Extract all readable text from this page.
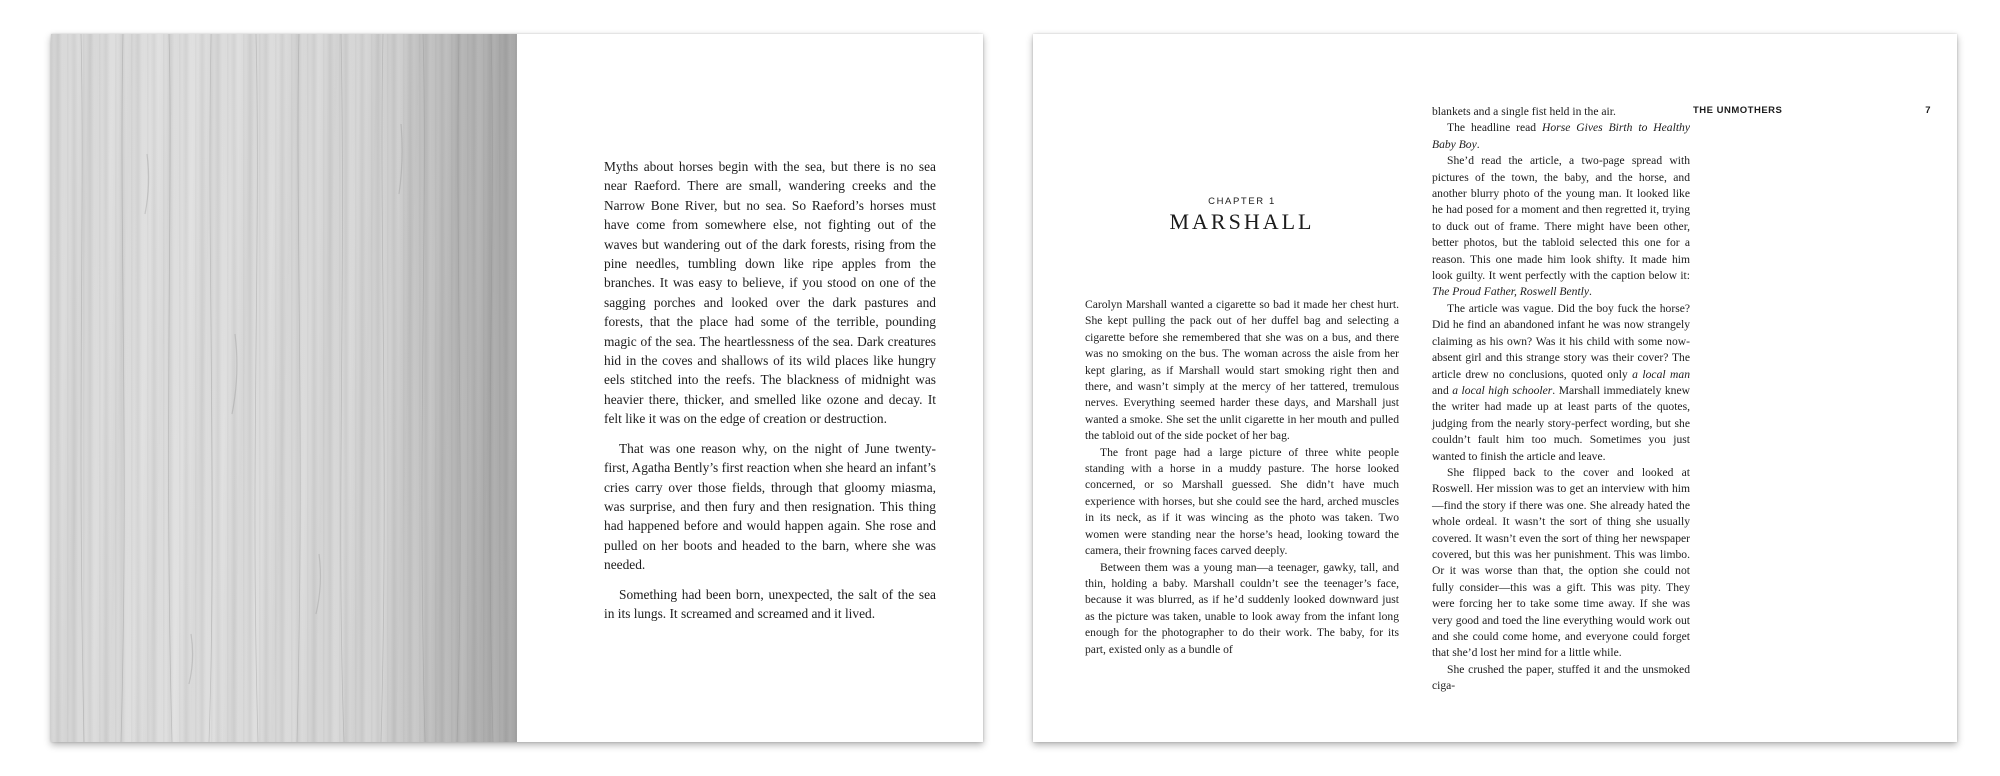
Myths about horses begin with the sea, but there is no sea near Raeford. There are small, wandering creeks and the Narrow Bone River, but no sea. So Raeford’s horses must have come from somewhere else, not fighting out of the waves but wandering out of the dark forests, rising from the pine needles, tumbling down like ripe apples from the branches. It was easy to believe, if you stood on one of the sagging porches and looked over the dark pastures and forests, that the place had some of the terrible, pounding magic of the sea. The heartlessness of the sea. Dark creatures hid in the coves and shallows of its wild places like hungry eels stitched into the reefs. The blackness of midnight was heavier there, thicker, and smelled like ozone and decay. It felt like it was on the edge of creation or destruction.

That was one reason why, on the night of June twenty-first, Agatha Bently’s first reaction when she heard an infant’s cries carry over those fields, through that gloomy miasma, was surprise, and then fury and then resignation. This thing had happened before and would happen again. She rose and pulled on her boots and headed to the barn, where she was needed.

Something had been born, unexpected, the salt of the sea in its lungs. It screamed and screamed and it lived.

THE UNMOTHERS	7
CHAPTER 1
MARSHALL

Carolyn Marshall wanted a cigarette so bad it made her chest hurt. She kept pulling the pack out of her duffel bag and selecting a cigarette before she remembered that she was on a bus, and there was no smoking on the bus. The woman across the aisle from her kept glaring, as if Marshall would start smoking right then and there, and wasn’t simply at the mercy of her tattered, tremulous nerves. Everything seemed harder these days, and Marshall just wanted a smoke. She set the unlit cigarette in her mouth and pulled the tabloid out of the side pocket of her bag.

The front page had a large picture of three white people standing with a horse in a muddy pasture. The horse looked concerned, or so Marshall guessed. She didn’t have much experience with horses, but she could see the hard, arched muscles in its neck, as if it was wincing as the photo was taken. Two women were standing near the horse’s head, looking toward the camera, their frowning faces carved deeply.

Between them was a young man—a teenager, gawky, tall, and thin, holding a baby. Marshall couldn’t see the teenager’s face, because it was blurred, as if he’d suddenly looked downward just as the picture was taken, unable to look away from the infant long enough for the photographer to do their work. The baby, for its part, existed only as a bundle of

blankets and a single fist held in the air.

The headline read Horse Gives Birth to Healthy Baby Boy.

She’d read the article, a two-page spread with pictures of the town, the baby, and the horse, and another blurry photo of the young man. It looked like he had posed for a moment and then regretted it, trying to duck out of frame. There might have been other, better photos, but the tabloid selected this one for a reason. This one made him look shifty. It made him look guilty. It went perfectly with the caption below it: The Proud Father, Roswell Bently.

The article was vague. Did the boy fuck the horse? Did he find an abandoned infant he was now strangely claiming as his own? Was it his child with some now-absent girl and this strange story was their cover? The article drew no conclusions, quoted only a local man and a local high schooler. Marshall immediately knew the writer had made up at least parts of the quotes, judging from the nearly story-perfect wording, but she couldn’t fault him too much. Sometimes you just wanted to finish the article and leave.

She flipped back to the cover and looked at Roswell. Her mission was to get an interview with him—find the story if there was one. She already hated the whole ordeal. It wasn’t the sort of thing she usually covered. It wasn’t even the sort of thing her newspaper covered, but this was her punishment. This was limbo. Or it was worse than that, the option she could not fully consider—this was a gift. This was pity. They were forcing her to take some time away. If she was very good and toed the line everything would work out and she could come home, and everyone could forget that she’d lost her mind for a little while.

She crushed the paper, stuffed it and the unsmoked ciga-
